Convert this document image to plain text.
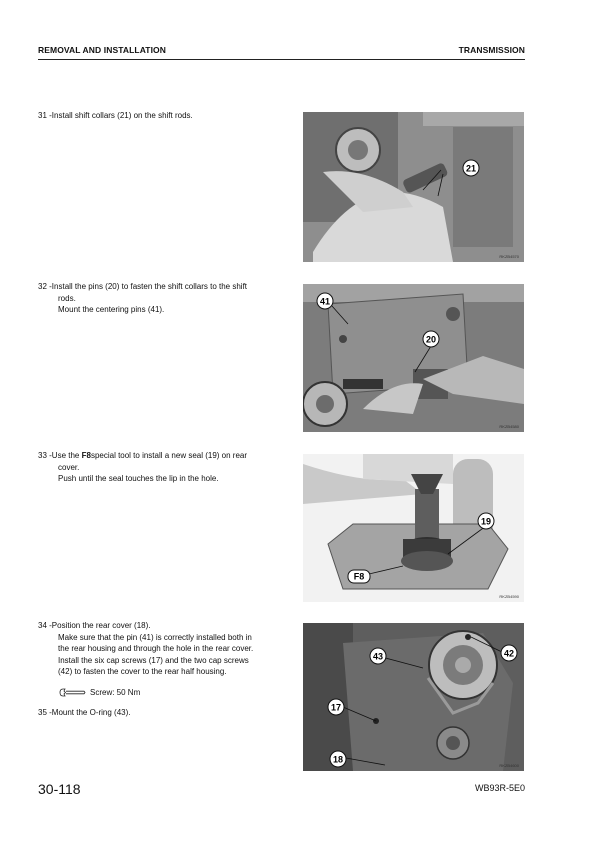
REMOVAL AND INSTALLATION	TRANSMISSION
31 -Install shift collars (21) on the shift rods.
32 -Install the pins (20) to fasten the shift collars to the shift
rods.
Mount the centering pins (41).
33 -Use the F8special tool to install a new seal (19) on rear
cover.
Push until the seal touches the lip in the hole.
34 -Position the rear cover (18).
Make sure that the pin (41) is correctly installed both in
the rear housing and through the hole in the rear cover.
Install the six cap screws (17) and the two cap screws
(42) to fasten the cover to the rear half housing.
Screw: 50 Nm
35 -Mount the O-ring (43).
21
RKZB4570
41
20
RKZB4580
19
F8
RKZB4590
43	42
17
18
RKZB4600
30-118	WB93R-5E0
